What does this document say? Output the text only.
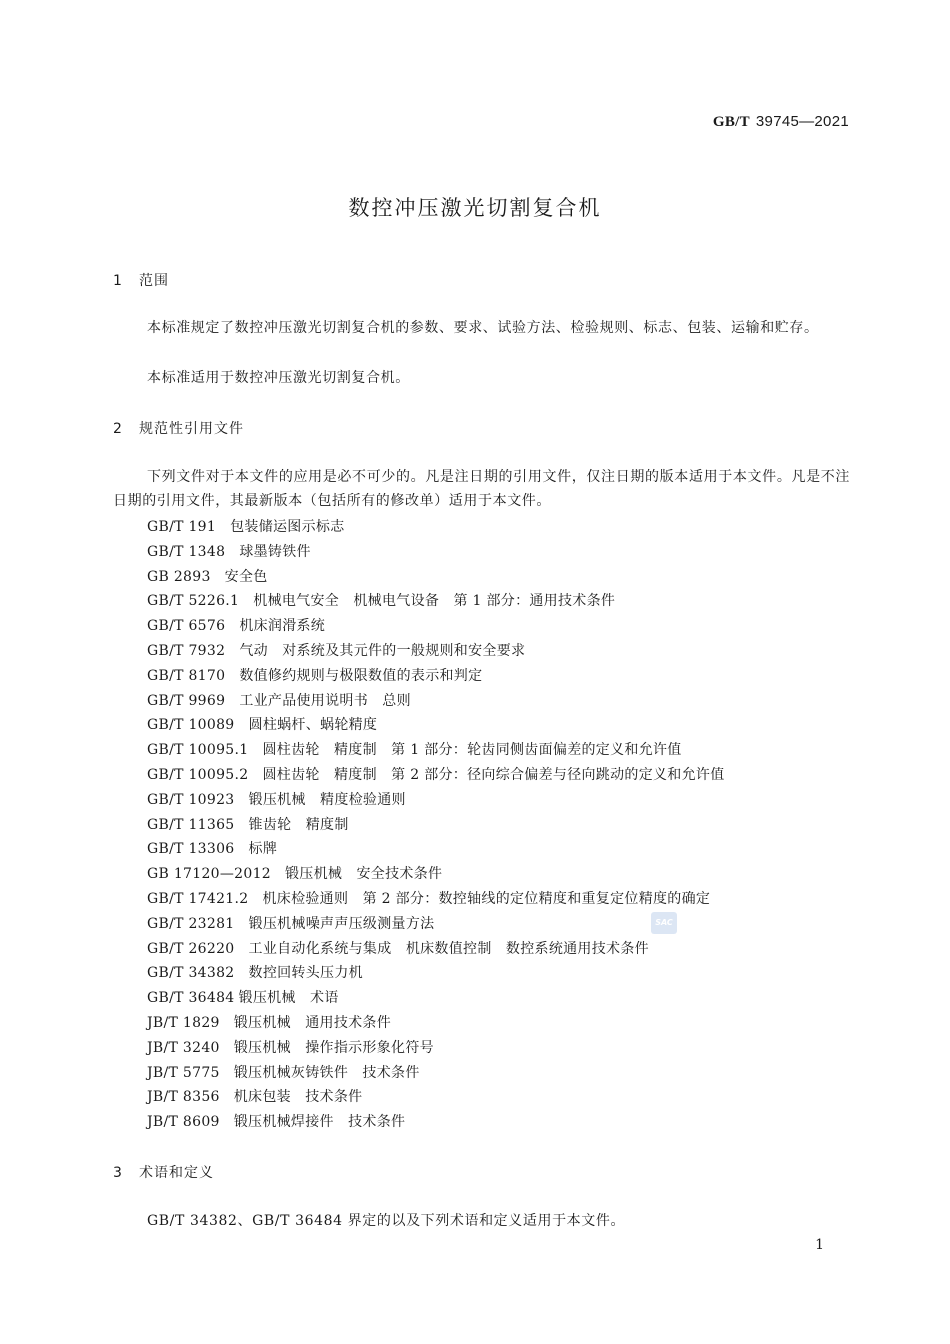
GB/T 39745—2021
数控冲压激光切割复合机
1 范围
本标准规定了数控冲压激光切割复合机的参数、要求、试验方法、检验规则、标志、包装、运输和贮存。
本标准适用于数控冲压激光切割复合机。
2 规范性引用文件
下列文件对于本文件的应用是必不可少的。凡是注日期的引用文件，仅注日期的版本适用于本文件。凡是不注日期的引用文件，其最新版本（包括所有的修改单）适用于本文件。
GB/T 191 包装储运图示标志
GB/T 1348 球墨铸铁件
GB 2893 安全色
GB/T 5226.1 机械电气安全　机械电气设备　第 1 部分：通用技术条件
GB/T 6576 机床润滑系统
GB/T 7932 气动　对系统及其元件的一般规则和安全要求
GB/T 8170 数值修约规则与极限数值的表示和判定
GB/T 9969 工业产品使用说明书　总则
GB/T 10089 圆柱蜗杆、蜗轮精度
GB/T 10095.1 圆柱齿轮　精度制　第 1 部分：轮齿同侧齿面偏差的定义和允许值
GB/T 10095.2 圆柱齿轮　精度制　第 2 部分：径向综合偏差与径向跳动的定义和允许值
GB/T 10923 锻压机械　精度检验通则
GB/T 11365 锥齿轮　精度制
GB/T 13306 标牌
GB 17120—2012 锻压机械　安全技术条件
GB/T 17421.2 机床检验通则　第 2 部分：数控轴线的定位精度和重复定位精度的确定
GB/T 23281 锻压机械噪声声压级测量方法
GB/T 26220 工业自动化系统与集成　机床数值控制　数控系统通用技术条件
GB/T 34382 数控回转头压力机
GB/T 36484 锻压机械　术语
JB/T 1829 锻压机械　通用技术条件
JB/T 3240 锻压机械　操作指示形象化符号
JB/T 5775 锻压机械灰铸铁件　技术条件
JB/T 8356 机床包装　技术条件
JB/T 8609 锻压机械焊接件　技术条件
SAC
3 术语和定义
GB/T 34382、GB/T 36484 界定的以及下列术语和定义适用于本文件。
1
